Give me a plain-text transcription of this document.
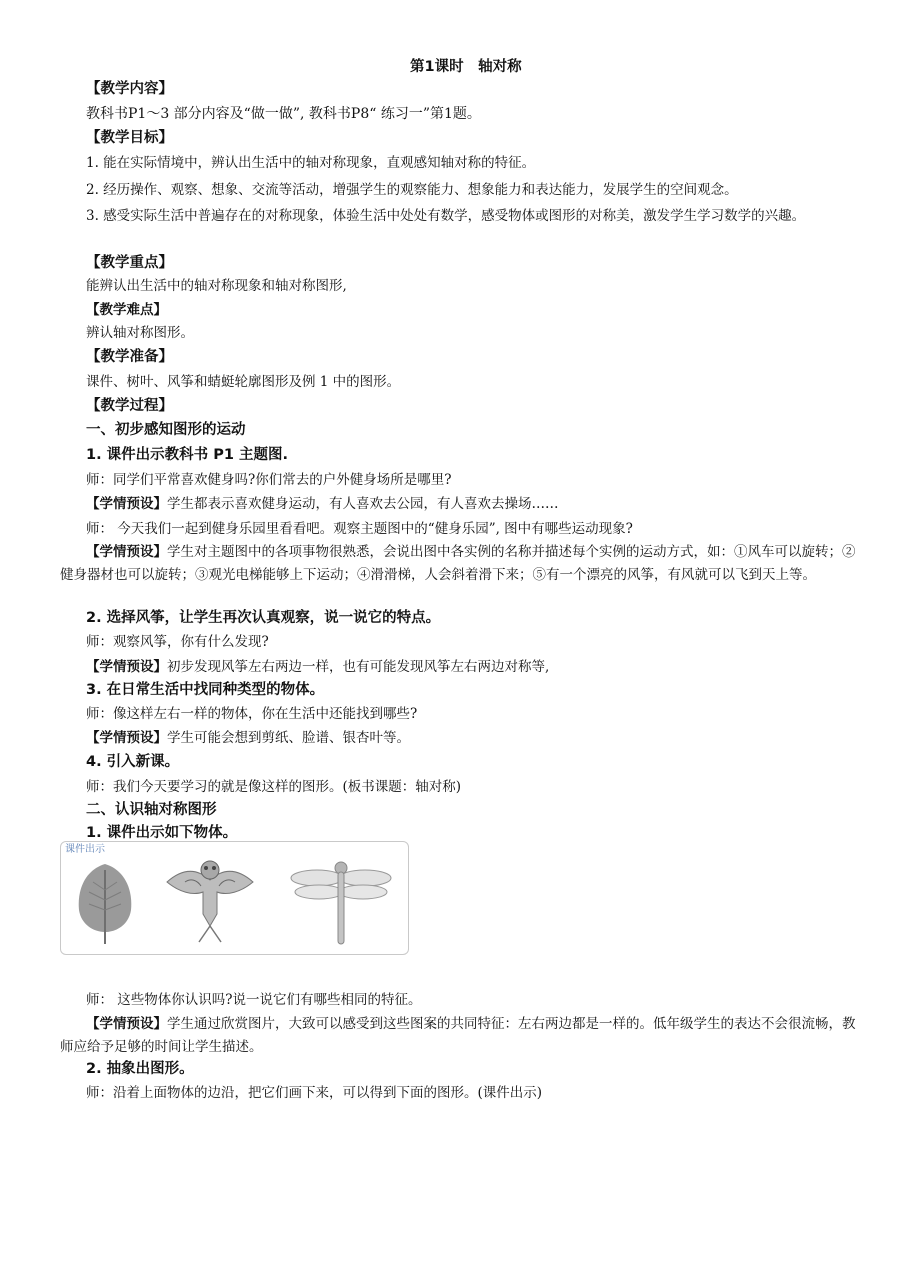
第1课时　轴对称
【教学内容】
教科书P1～3 部分内容及“做一做”, 教科书P8“ 练习一”第1题。
【教学目标】
1. 能在实际情境中，辨认出生活中的轴对称现象，直观感知轴对称的特征。
2. 经历操作、观察、想象、交流等活动，增强学生的观察能力、想象能力和表达能力，发展学生的空间观念。
3. 感受实际生活中普遍存在的对称现象，体验生活中处处有数学，感受物体或图形的对称美，激发学生学习数学的兴趣。
【教学重点】
能辨认出生活中的轴对称现象和轴对称图形,
【教学难点】
辨认轴对称图形。
【教学准备】
课件、树叶、风筝和蜻蜓轮廓图形及例 1 中的图形。
【教学过程】
一、初步感知图形的运动
1. 课件出示教科书 P1 主题图.
师：同学们平常喜欢健身吗?你们常去的户外健身场所是哪里?
【学情预设】学生都表示喜欢健身运动，有人喜欢去公园，有人喜欢去操场……
师： 今天我们一起到健身乐园里看看吧。观察主题图中的“健身乐园”, 图中有哪些运动现象?
【学情预设】学生对主题图中的各项事物很熟悉，会说出图中各实例的名称并描述每个实例的运动方式，如：①风车可以旋转；②健身器材也可以旋转；③观光电梯能够上下运动；④滑滑梯，人会斜着滑下来；⑤有一个漂亮的风筝，有风就可以飞到天上等。
2. 选择风筝，让学生再次认真观察，说一说它的特点。
师：观察风筝，你有什么发现?
【学情预设】初步发现风筝左右两边一样，也有可能发现风筝左右两边对称等,
3. 在日常生活中找同种类型的物体。
师：像这样左右一样的物体，你在生活中还能找到哪些?
【学情预设】学生可能会想到剪纸、脸谱、银杏叶等。
4. 引入新课。
师：我们今天要学习的就是像这样的图形。(板书课题：轴对称)
二、认识轴对称图形
1. 课件出示如下物体。
课件出示
师： 这些物体你认识吗?说一说它们有哪些相同的特征。
【学情预设】学生通过欣赏图片，大致可以感受到这些图案的共同特征：左右两边都是一样的。低年级学生的表达不会很流畅，教师应给予足够的时间让学生描述。
2. 抽象出图形。
师：沿着上面物体的边沿，把它们画下来，可以得到下面的图形。(课件出示)
